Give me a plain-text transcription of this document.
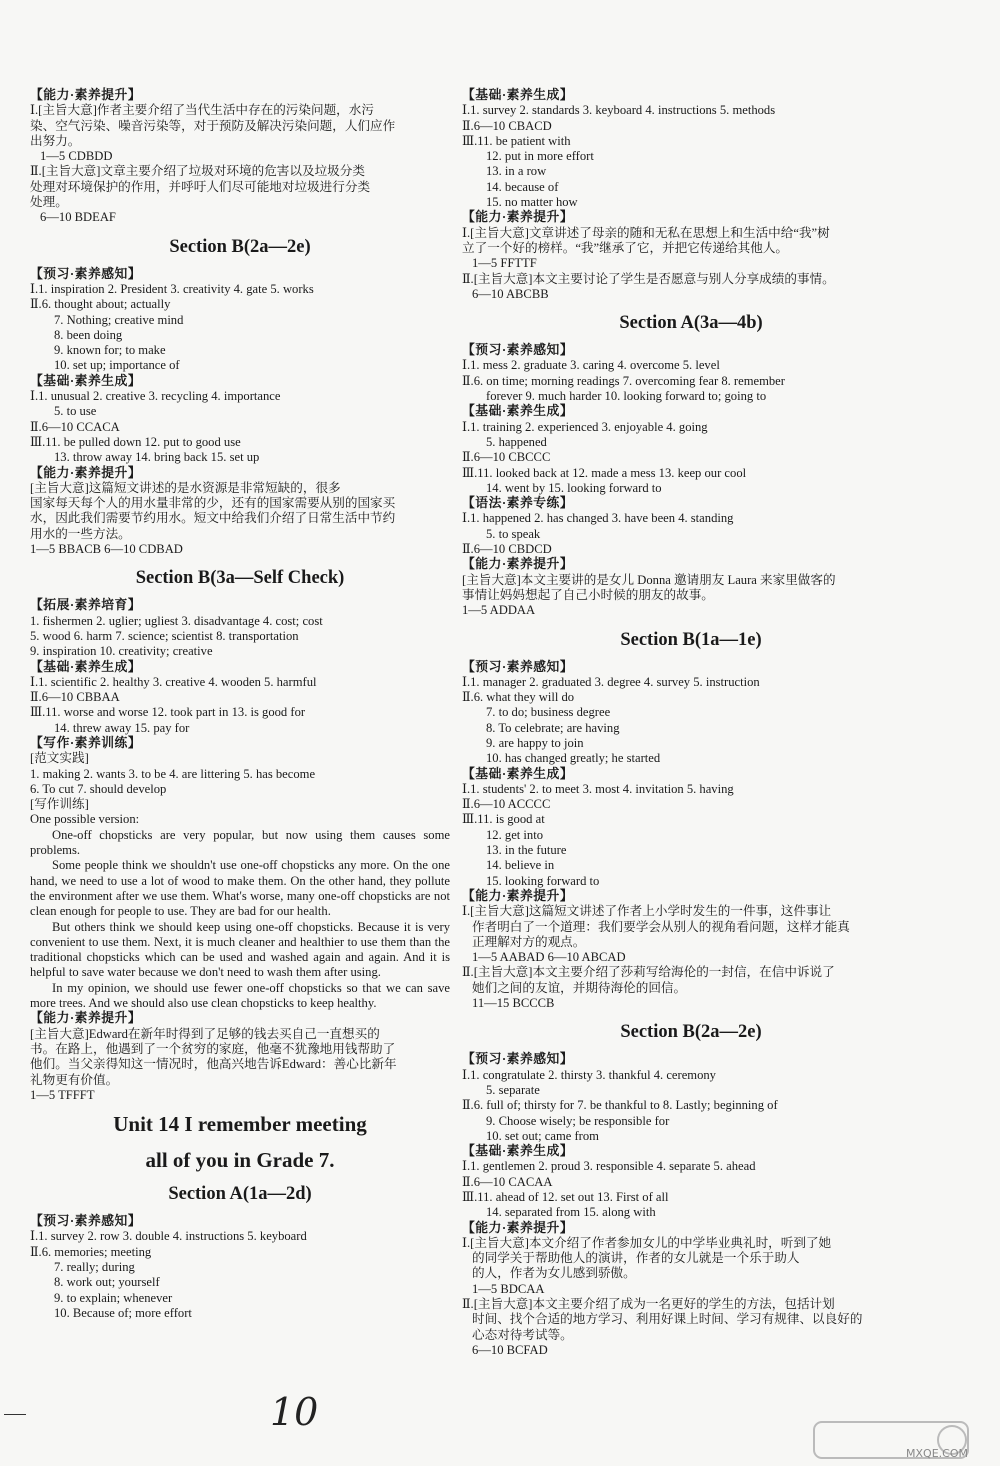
【能力·素养提升】
Ⅰ.[主旨大意]作者主要介绍了当代生活中存在的污染问题，水污
染、空气污染、噪音污染等，对于预防及解决污染问题，人们应作
出努力。
1—5 CDBDD
Ⅱ.[主旨大意]文章主要介绍了垃圾对环境的危害以及垃圾分类
处理对环境保护的作用，并呼吁人们尽可能地对垃圾进行分类
处理。
6—10 BDEAF
Section B(2a—2e)
【预习·素养感知】
Ⅰ.1. inspiration 2. President 3. creativity 4. gate 5. works
Ⅱ.6. thought about; actually
7. Nothing; creative mind
8. been doing
9. known for; to make
10. set up; importance of
【基础·素养生成】
Ⅰ.1. unusual 2. creative 3. recycling 4. importance
5. to use
Ⅱ.6—10 CCACA
Ⅲ.11. be pulled down 12. put to good use
13. throw away 14. bring back 15. set up
【能力·素养提升】
[主旨大意]这篇短文讲述的是水资源是非常短缺的，很多
国家每天每个人的用水量非常的少，还有的国家需要从别的国家买
水，因此我们需要节约用水。短文中给我们介绍了日常生活中节约
用水的一些方法。
1—5 BBACB 6—10 CDBAD
Section B(3a—Self Check)
【拓展·素养培育】
1. fishermen 2. uglier; ugliest 3. disadvantage 4. cost; cost
5. wood 6. harm 7. science; scientist 8. transportation
9. inspiration 10. creativity; creative
【基础·素养生成】
Ⅰ.1. scientific 2. healthy 3. creative 4. wooden 5. harmful
Ⅱ.6—10 CBBAA
Ⅲ.11. worse and worse 12. took part in 13. is good for
14. threw away 15. pay for
【写作·素养训练】
[范文实践]
1. making 2. wants 3. to be 4. are littering 5. has become
6. To cut 7. should develop
[写作训练]
One possible version:
One-off chopsticks are very popular, but now using them causes some problems.
Some people think we shouldn't use one-off chopsticks any more. On the one hand, we need to use a lot of wood to make them. On the other hand, they pollute the environment after we use them. What's worse, many one-off chopsticks are not clean enough for people to use. They are bad for our health.
But others think we should keep using one-off chopsticks. Because it is very convenient to use them. Next, it is much cleaner and healthier to use them than the traditional chopsticks which can be used and washed again and again. And it is helpful to save water because we don't need to wash them after using.
In my opinion, we should use fewer one-off chopsticks so that we can save more trees. And we should also use clean chopsticks to keep healthy.
【能力·素养提升】
[主旨大意]Edward在新年时得到了足够的钱去买自己一直想买的
书。在路上，他遇到了一个贫穷的家庭，他毫不犹豫地用钱帮助了
他们。当父亲得知这一情况时，他高兴地告诉Edward：善心比新年
礼物更有价值。
1—5 TFFFT
Unit 14 I remember meeting
all of you in Grade 7.
Section A(1a—2d)
【预习·素养感知】
Ⅰ.1. survey 2. row 3. double 4. instructions 5. keyboard
Ⅱ.6. memories; meeting
7. really; during
8. work out; yourself
9. to explain; whenever
10. Because of; more effort
【基础·素养生成】
Ⅰ.1. survey 2. standards 3. keyboard 4. instructions 5. methods
Ⅱ.6—10 CBACD
Ⅲ.11. be patient with
12. put in more effort
13. in a row
14. because of
15. no matter how
【能力·素养提升】
Ⅰ.[主旨大意]文章讲述了母亲的随和无私在思想上和生活中给“我”树
立了一个好的榜样。“我”继承了它，并把它传递给其他人。
1—5 FFTTF
Ⅱ.[主旨大意]本文主要讨论了学生是否愿意与别人分享成绩的事情。
6—10 ABCBB
Section A(3a—4b)
【预习·素养感知】
Ⅰ.1. mess 2. graduate 3. caring 4. overcome 5. level
Ⅱ.6. on time; morning readings 7. overcoming fear 8. remember
forever 9. much harder 10. looking forward to; going to
【基础·素养生成】
Ⅰ.1. training 2. experienced 3. enjoyable 4. going
5. happened
Ⅱ.6—10 CBCCC
Ⅲ.11. looked back at 12. made a mess 13. keep our cool
14. went by 15. looking forward to
【语法·素养专练】
Ⅰ.1. happened 2. has changed 3. have been 4. standing
5. to speak
Ⅱ.6—10 CBDCD
【能力·素养提升】
[主旨大意]本文主要讲的是女儿 Donna 邀请朋友 Laura 来家里做客的
事情让妈妈想起了自己小时候的朋友的故事。
1—5 ADDAA
Section B(1a—1e)
【预习·素养感知】
Ⅰ.1. manager 2. graduated 3. degree 4. survey 5. instruction
Ⅱ.6. what they will do
7. to do; business degree
8. To celebrate; are having
9. are happy to join
10. has changed greatly; he started
【基础·素养生成】
Ⅰ.1. students' 2. to meet 3. most 4. invitation 5. having
Ⅱ.6—10 ACCCC
Ⅲ.11. is good at
12. get into
13. in the future
14. believe in
15. looking forward to
【能力·素养提升】
Ⅰ.[主旨大意]这篇短文讲述了作者上小学时发生的一件事，这件事让
作者明白了一个道理：我们要学会从别人的视角看问题，这样才能真
正理解对方的观点。
1—5 AABAD 6—10 ABCAD
Ⅱ.[主旨大意]本文主要介绍了莎莉写给海伦的一封信，在信中诉说了
她们之间的友谊，并期待海伦的回信。
11—15 BCCCB
Section B(2a—2e)
【预习·素养感知】
Ⅰ.1. congratulate 2. thirsty 3. thankful 4. ceremony
5. separate
Ⅱ.6. full of; thirsty for 7. be thankful to 8. Lastly; beginning of
9. Choose wisely; be responsible for
10. set out; came from
【基础·素养生成】
Ⅰ.1. gentlemen 2. proud 3. responsible 4. separate 5. ahead
Ⅱ.6—10 CACAA
Ⅲ.11. ahead of 12. set out 13. First of all
14. separated from 15. along with
【能力·素养提升】
Ⅰ.[主旨大意]本文介绍了作者参加女儿的中学毕业典礼时，听到了她
的同学关于帮助他人的演讲，作者的女儿就是一个乐于助人
的人，作者为女儿感到骄傲。
1—5 BDCAA
Ⅱ.[主旨大意]本文主要介绍了成为一名更好的学生的方法，包括计划
时间、找个合适的地方学习、利用好课上时间、学习有规律、以良好的
心态对待考试等。
6—10 BCFAD
10
MXQE.COM
